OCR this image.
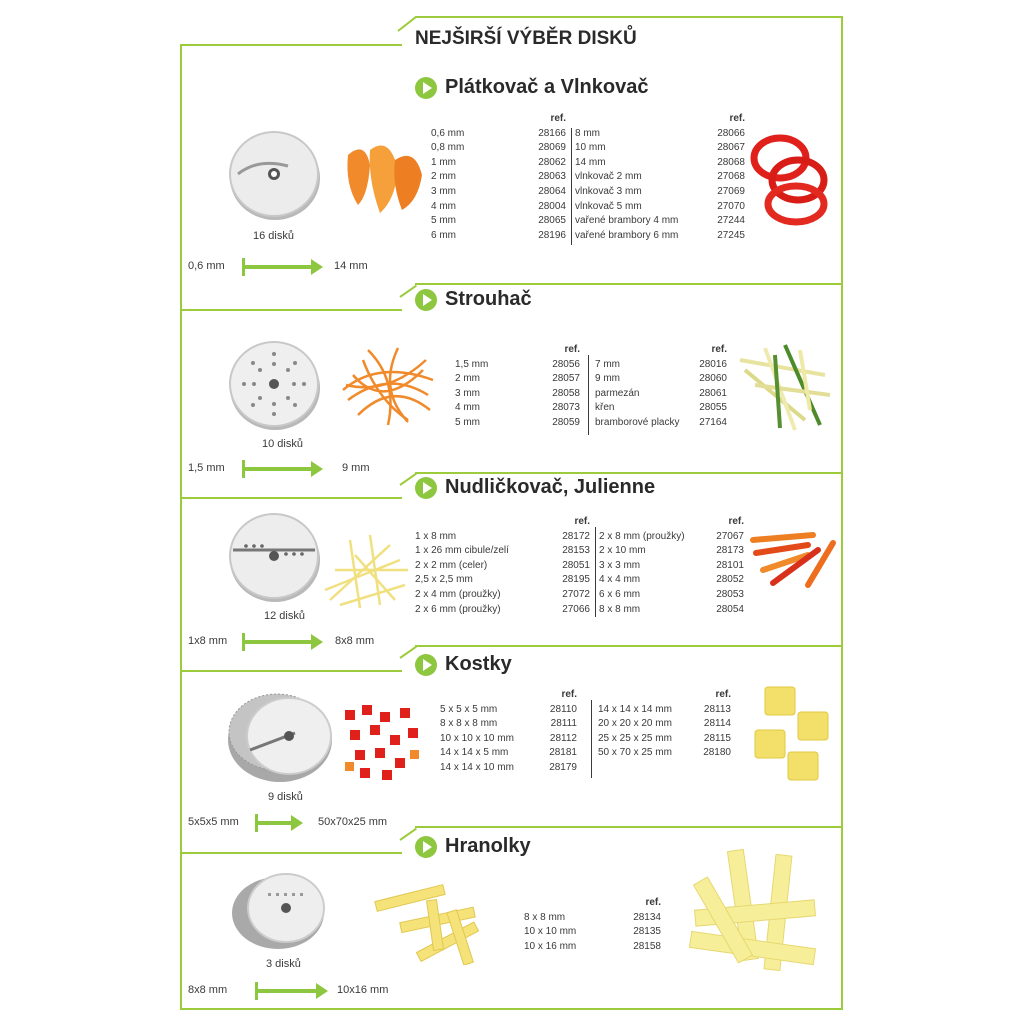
NEJŠIRŠÍ VÝBĚR DISKŮ
Plátkovač a Vlnkovač
16 disků
ref.
0,6 mm	28166
0,8 mm	28069
1 mm	28062
2 mm	28063
3 mm	28064
4 mm	28004
5 mm	28065
6 mm	28196
ref.
8 mm	28066
10 mm	28067
14 mm	28068
vlnkovač 2 mm	27068
vlnkovač 3 mm	27069
vlnkovač 5 mm	27070
vařené brambory 4 mm	27244
vařené brambory 6 mm	27245
0,6 mm	14 mm
Strouhač
10 disků
ref.
1,5 mm	28056
2 mm	28057
3 mm	28058
4 mm	28073
5 mm	28059
ref.
7 mm	28016
9 mm	28060
parmezán	28061
křen	28055
bramborové placky 27164
1,5 mm	9 mm
Nudličkovač, Julienne
12 disků
ref.
1 x 8 mm	28172
1 x 26 mm cibule/zelí	28153
2 x 2 mm (celer)	28051
2,5 x 2,5 mm	28195
2 x 4 mm (proužky)	27072
2 x 6 mm (proužky)	27066
ref.
2 x 8 mm (proužky)	27067
2 x 10 mm	28173
3 x 3 mm	28101
4 x 4 mm	28052
6 x 6 mm	28053
8 x 8 mm	28054
1x8 mm	8x8 mm
Kostky
9 disků
ref.
5 x 5 x 5 mm	28110
8 x 8 x 8 mm	28111
10 x 10 x 10 mm	28112
14 x 14 x 5 mm	28181
14 x 14 x 10 mm	28179
ref.
14 x 14 x 14 mm	28113
20 x 20 x 20 mm	28114
25 x 25 x 25 mm	28115
50 x 70 x 25 mm	28180
5x5x5 mm	50x70x25 mm
Hranolky
3 disků
ref.
8 x 8 mm	28134
10 x 10 mm	28135
10 x 16 mm	28158
8x8 mm	10x16 mm
